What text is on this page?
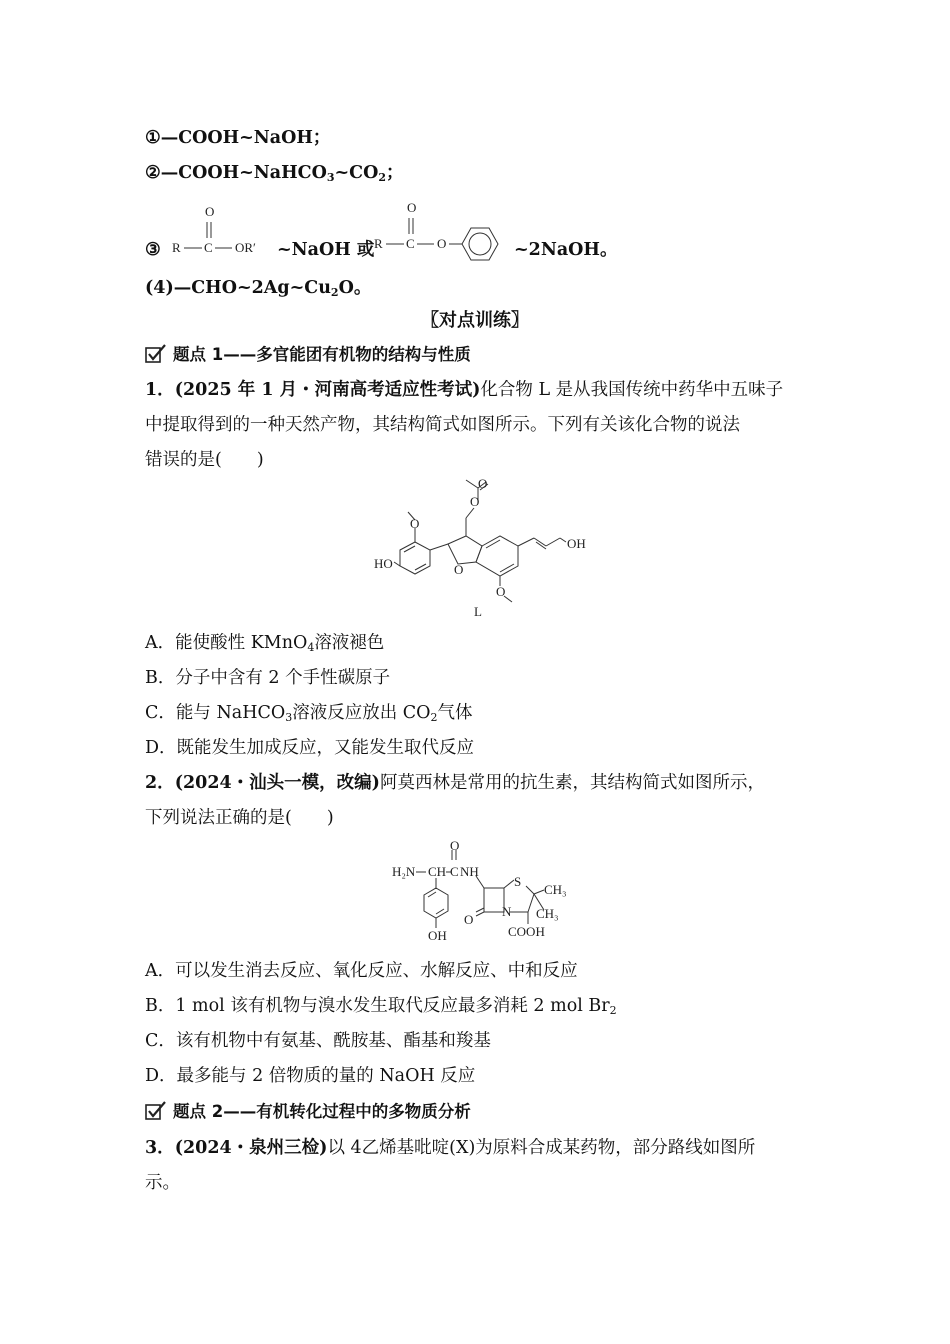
①—COOH~NaOH；
$②—COOH\sim NaHCO_3\sim CO_2$；
③
O
R C OR′ ~NaOH 或
O
R C O	~2NaOH。
$(4)—CHO\sim 2Ag\sim Cu_2O$。
〖对点训练〗
题点 1——多官能团有机物的结构与性质
1．(2025 年 1 月・河南高考适应性考试)化合物 L 是从我国传统中药华中五味子
中提取得到的一种天然产物，其结构简式如图所示。下列有关该化合物的说法
错误的是(　　)
HO
OH
O
O
O
O
O
L
A．能使酸性 KMnO$_4$溶液褪色
B．分子中含有 2 个手性碳原子
C．能与 NaHCO$_3$溶液反应放出 $CO_2$气体
D．既能发生加成反应，又能发生取代反应
2．(2024・汕头一模，改编)阿莫西林是常用的抗生素，其结构简式如图所示，
下列说法正确的是(　　)
H₂N CH C
O
NH
S
N
CH₃
CH₃
COOH
OH
O
A．可以发生消去反应、氧化反应、水解反应、中和反应
B．1 mol 该有机物与溴水发生取代反应最多消耗 2 mol $Br_2$
C．该有机物中有氨基、酰胺基、酯基和羧基
D．最多能与 2 倍物质的量的 NaOH 反应
题点 2——有机转化过程中的多物质分析
3．(2024・泉州三检)以 4乙烯基吡啶(X)为原料合成某药物，部分路线如图所
示。
